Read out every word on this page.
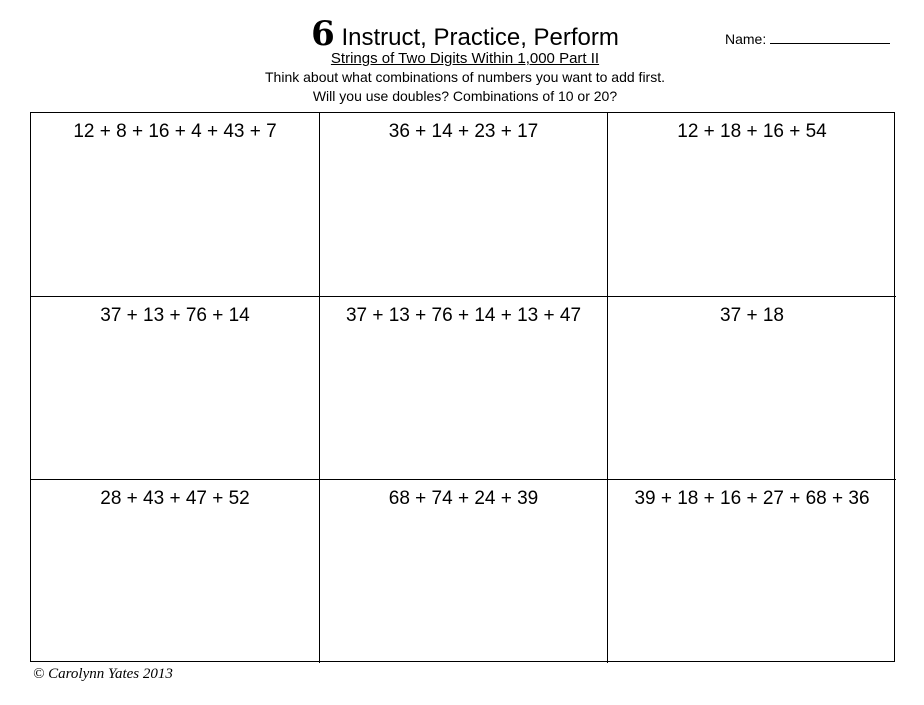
6 Instruct, Practice, Perform
Strings of Two Digits Within 1,000 Part II
Think about what combinations of numbers you want to add first.
Will you use doubles? Combinations of 10 or 20?
Name:
12 + 8 + 16 + 4 + 43 + 7	36 + 14 + 23 + 17	12 + 18 + 16 + 54
37 + 13 + 76 + 14	37 + 13 + 76 + 14 + 13 + 47	37 + 18
28 + 43 + 47 + 52	68 + 74 + 24 + 39	39 + 18 + 16 + 27 + 68 + 36
© Carolynn Yates 2013
